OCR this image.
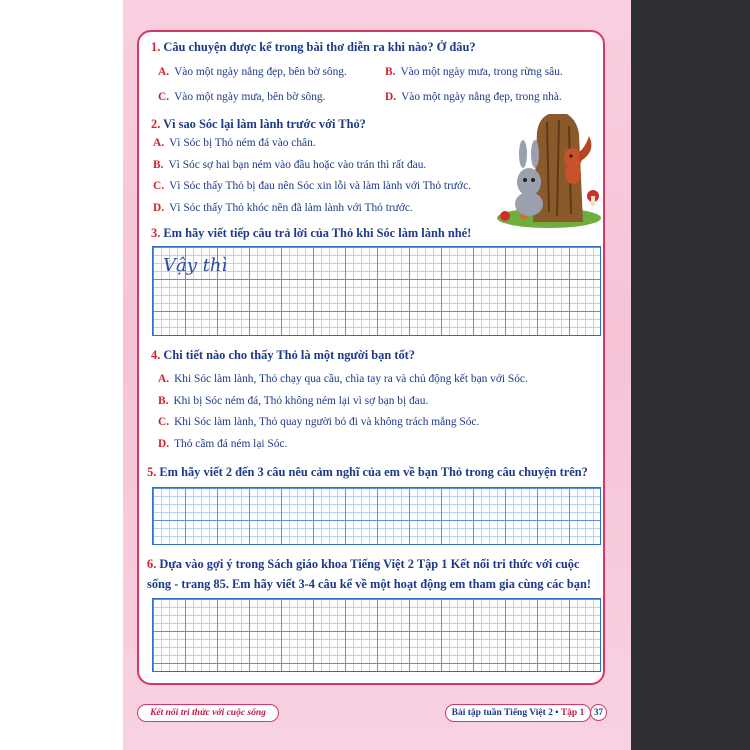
1. Câu chuyện được kể trong bài thơ diễn ra khi nào? Ở đâu?
A. Vào một ngày nắng đẹp, bên bờ sông.	B. Vào một ngày mưa, trong rừng sâu.
C. Vào một ngày mưa, bên bờ sông.	D. Vào một ngày nắng đẹp, trong nhà.
2. Vì sao Sóc lại làm lành trước với Thỏ?
A. Vì Sóc bị Thỏ ném đá vào chân.
B. Vì Sóc sợ hai bạn ném vào đầu hoặc vào trán thì rất đau.
C. Vì Sóc thấy Thỏ bị đau nên Sóc xin lỗi và làm lành với Thỏ trước.
D. Vì Sóc thấy Thỏ khóc nên đã làm lành với Thỏ trước.
3. Em hãy viết tiếp câu trả lời của Thỏ khi Sóc làm lành nhé!
Vậy thì
4. Chi tiết nào cho thấy Thỏ là một người bạn tốt?
A. Khi Sóc làm lành, Thỏ chạy qua cầu, chìa tay ra và chủ động kết bạn với Sóc.
B. Khi bị Sóc ném đá, Thỏ không ném lại vì sợ bạn bị đau.
C. Khi Sóc làm lành, Thỏ quay người bỏ đi và không trách mắng Sóc.
D. Thỏ cầm đá ném lại Sóc.
5. Em hãy viết 2 đến 3 câu nêu cảm nghĩ của em về bạn Thỏ trong câu chuyện trên?
6. Dựa vào gợi ý trong Sách giáo khoa Tiếng Việt 2 Tập 1 Kết nối tri thức với cuộc
sống - trang 85. Em hãy viết 3-4 câu kể về một hoạt động em tham gia cùng các bạn!
Kết nối tri thức với cuộc sống	Bài tập tuần Tiếng Việt 2 • Tập 1	37
